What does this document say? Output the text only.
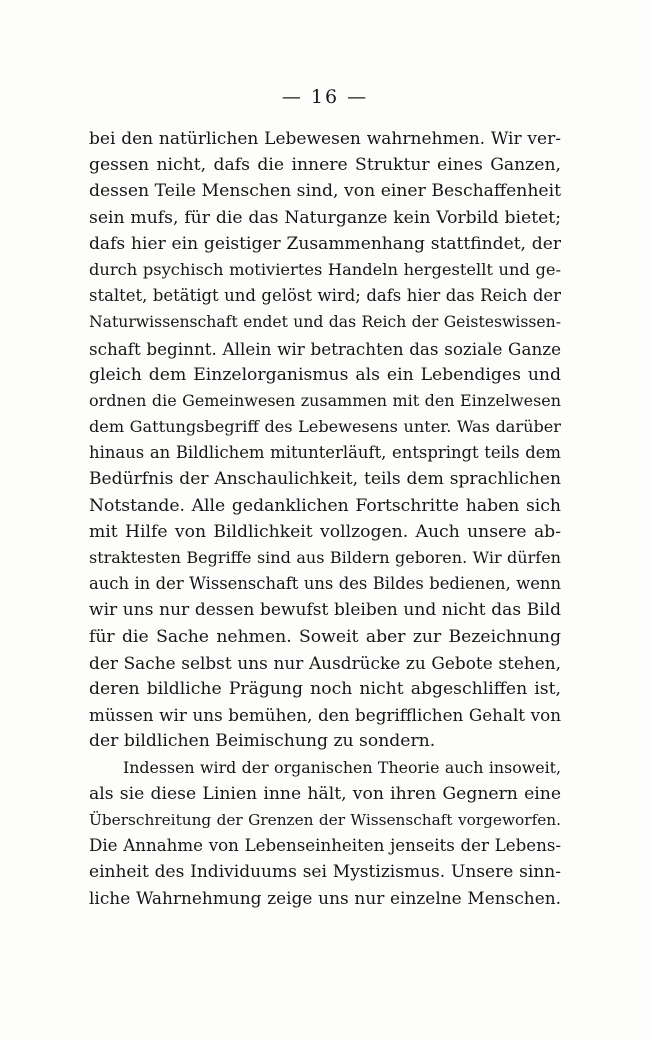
— 16 —
bei den natürlichen Lebewesen wahrnehmen. Wir ver-
gessen nicht, dafs die innere Struktur eines Ganzen,
dessen Teile Menschen sind, von einer Beschaffenheit
sein mufs, für die das Naturganze kein Vorbild bietet;
dafs hier ein geistiger Zusammenhang stattfindet, der
durch psychisch motiviertes Handeln hergestellt und ge-
staltet, betätigt und gelöst wird; dafs hier das Reich der
Naturwissenschaft endet und das Reich der Geisteswissen-
schaft beginnt. Allein wir betrachten das soziale Ganze
gleich dem Einzelorganismus als ein Lebendiges und
ordnen die Gemeinwesen zusammen mit den Einzelwesen
dem Gattungsbegriff des Lebewesens unter. Was darüber
hinaus an Bildlichem mitunterläuft, entspringt teils dem
Bedürfnis der Anschaulichkeit, teils dem sprachlichen
Notstande. Alle gedanklichen Fortschritte haben sich
mit Hilfe von Bildlichkeit vollzogen. Auch unsere ab-
straktesten Begriffe sind aus Bildern geboren. Wir dürfen
auch in der Wissenschaft uns des Bildes bedienen, wenn
wir uns nur dessen bewufst bleiben und nicht das Bild
für die Sache nehmen. Soweit aber zur Bezeichnung
der Sache selbst uns nur Ausdrücke zu Gebote stehen,
deren bildliche Prägung noch nicht abgeschliffen ist,
müssen wir uns bemühen, den begrifflichen Gehalt von
der bildlichen Beimischung zu sondern.
Indessen wird der organischen Theorie auch insoweit,
als sie diese Linien inne hält, von ihren Gegnern eine
Überschreitung der Grenzen der Wissenschaft vorgeworfen.
Die Annahme von Lebenseinheiten jenseits der Lebens-
einheit des Individuums sei Mystizismus. Unsere sinn-
liche Wahrnehmung zeige uns nur einzelne Menschen.
